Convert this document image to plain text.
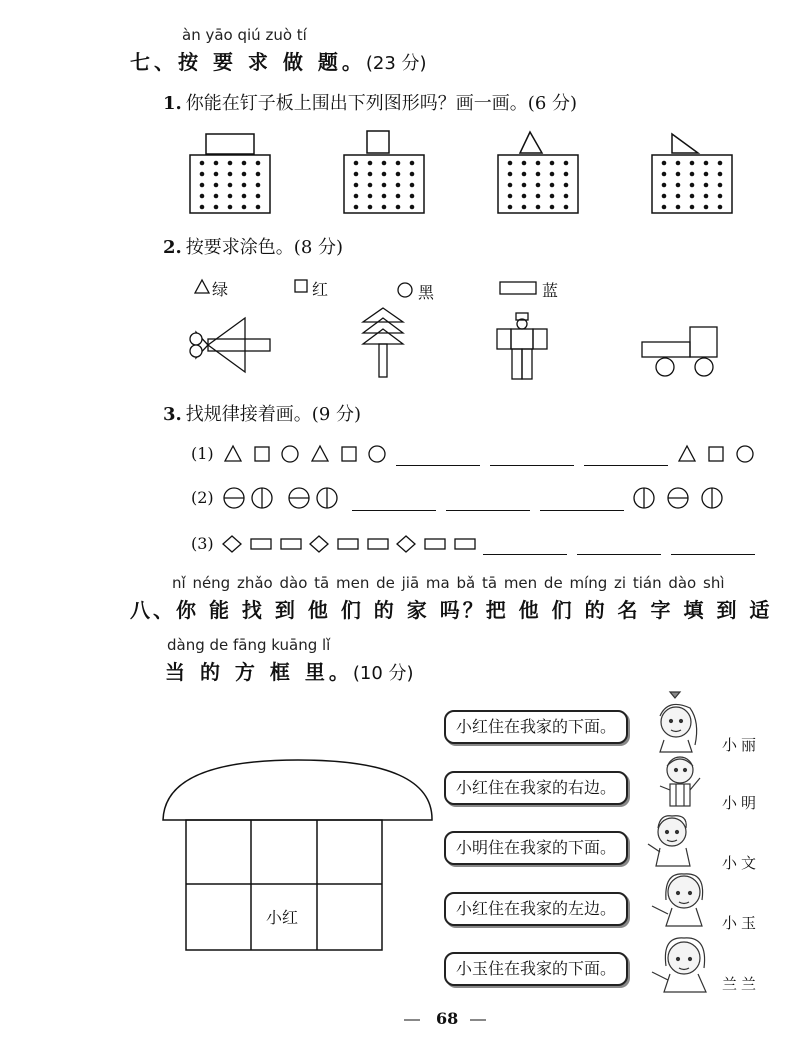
àn yāo qiú zuò tí
七、按 要 求 做 题。(23 分)
1. 你能在钉子板上围出下列图形吗？画一画。(6 分)
2. 按要求涂色。(8 分)
绿	红	黑	蓝
3. 找规律接着画。(9 分)
(1)
(2)
(3)
nǐ néng zhǎo dào tā men de jiā ma bǎ tā men de míng zi tián dào shì
八、你 能 找 到 他 们 的 家 吗？把 他 们 的 名 字 填 到 适
dàng de fāng kuāng lǐ
当 的 方 框 里。(10 分)
小红
小红住在我家的下面。
小丽
小红住在我家的右边。
小明
小明住在我家的下面。
小文
小红住在我家的左边。
小玉
小玉住在我家的下面。
兰兰
68
